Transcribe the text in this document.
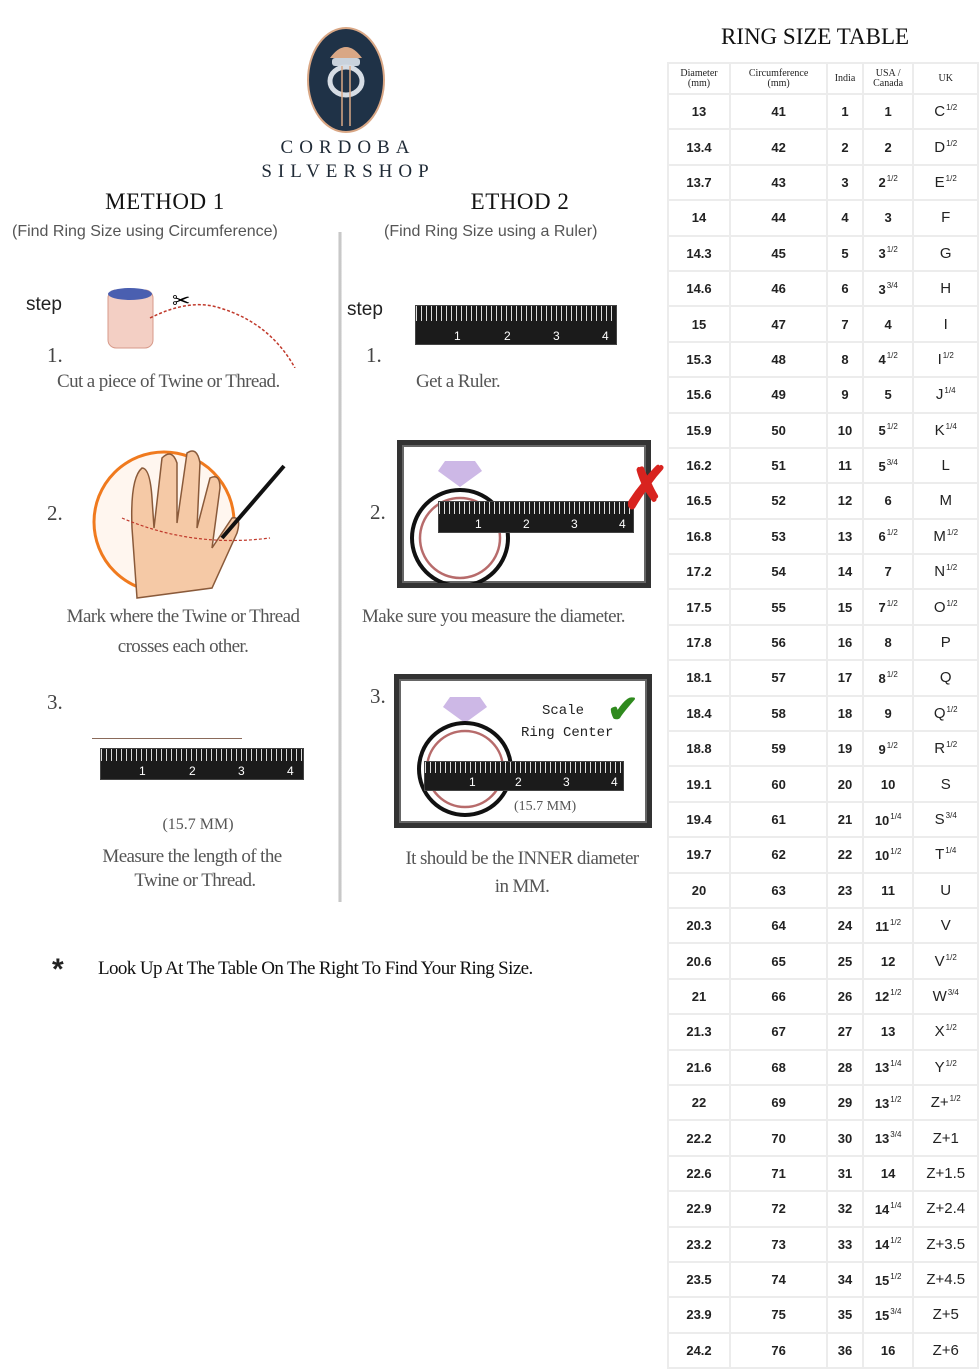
CORDOBA
SILVERSHOP
METHOD 1
(Find Ring Size using Circumference)
step
1.
✂
Cut a piece of Twine or Thread.
2.
Mark where the Twine or Thread
crosses each other.
3.
1	2	3	4
(15.7 MM)
Measure the length of the
Twine or Thread.
ETHOD 2
(Find Ring Size using a Ruler)
step
1.
1	2	3	4
Get a Ruler.
2.	1	2	3	4
✗
Make sure you measure the diameter.
3.
Scale
Ring Center
✔
1	2	3	4
(15.7 MM)
It should be the INNER diameter
in MM.
* Look Up At The Table On The Right To Find Your Ring Size.
RING SIZE TABLE
Diameter
(mm)	Circumference
(mm)	India	USA /
Canada	UK

13	41	1	1	$C^{1/2}$
13.4	42	2	2	$D^{1/2}$
13.7	43	3	$2^{1/2}$	$E^{1/2}$
14	44	4	3	F
14.3	45	5	$3^{1/2}$	G
14.6	46	6	$3^{3/4}$	H
15	47	7	4	I
15.3	48	8	$4^{1/2}$	$I^{1/2}$
15.6	49	9	5	$J^{1/4}$
15.9	50	10	$5^{1/2}$	$K^{1/4}$
16.2	51	11	$5^{3/4}$	L
16.5	52	12	6	M
16.8	53	13	$6^{1/2}$	$M^{1/2}$
17.2	54	14	7	$N^{1/2}$
17.5	55	15	$7^{1/2}$	$O^{1/2}$
17.8	56	16	8	P
18.1	57	17	$8^{1/2}$	Q
18.4	58	18	9	$Q^{1/2}$
18.8	59	19	$9^{1/2}$	$R^{1/2}$
19.1	60	20	10	S
19.4	61	21	$10^{1/4}$	$S^{3/4}$
19.7	62	22	$10^{1/2}$	$T^{1/4}$
20	63	23	11	U
20.3	64	24	$11^{1/2}$	V
20.6	65	25	12	$V^{1/2}$
21	66	26	$12^{1/2}$	$W^{3/4}$
21.3	67	27	13	$X^{1/2}$
21.6	68	28	$13^{1/4}$	$Y^{1/2}$
22	69	29	$13^{1/2}$	Z+$^{1/2}$
22.2	70	30	$13^{3/4}$	Z+1
22.6	71	31	14	Z+1.5
22.9	72	32	$14^{1/4}$	Z+2.4
23.2	73	33	$14^{1/2}$	Z+3.5
23.5	74	34	$15^{1/2}$	Z+4.5
23.9	75	35	$15^{3/4}$	Z+5
24.2	76	36	16	Z+6
